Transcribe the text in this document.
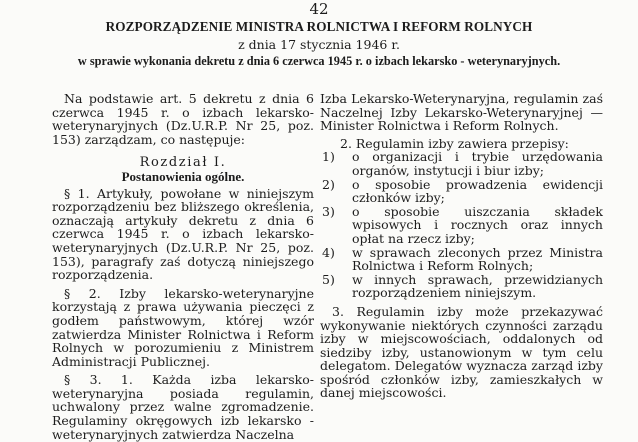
42
ROZPORZĄDZENIE MINISTRA ROLNICTWA I REFORM ROLNYCH
z dnia 17 stycznia 1946 r.
w sprawie wykonania dekretu z dnia 6 czerwca 1945 r. o izbach lekarsko - weterynaryjnych.

Na podstawie art. 5 dekretu z dnia 6 czerwca 1945 r. o izbach lekarsko-weterynaryjnych (Dz.U.R.P. Nr 25, poz. 153) zarządzam, co następuje:

Rozdział I.

Postanowienia ogólne.

§ 1. Artykuły, powołane w niniejszym rozporządzeniu bez bliższego określenia, oznaczają artykuły dekretu z dnia 6 czerwca 1945 r. o izbach lekarsko-weterynaryjnych (Dz.U.R.P. Nr 25, poz. 153), paragrafy zaś dotyczą niniejszego rozporządzenia.

§ 2. Izby lekarsko-weterynaryjne korzystają z prawa używania pieczęci z godłem państwowym, której wzór zatwierdza Minister Rolnictwa i Reform Rolnych w porozumieniu z Ministrem Administracji Publicznej.

§ 3. 1. Każda izba lekarsko-weterynaryjna posiada regulamin, uchwalony przez walne zgromadzenie. Regulaminy okręgowych izb lekarsko - weterynaryjnych zatwierdza Naczelna

Izba Lekarsko-Weterynaryjna, regulamin zaś Naczelnej Izby Lekarsko-Weterynaryjnej — Minister Rolnictwa i Reform Rolnych.

2. Regulamin izby zawiera przepisy:

1)	o organizacji i trybie urzędowania organów, instytucji i biur izby;
2)	o sposobie prowadzenia ewidencji członków izby;
3)	o sposobie uiszczania składek wpisowych i rocznych oraz innych opłat na rzecz izby;
4)	w sprawach zleconych przez Ministra Rolnictwa i Reform Rolnych;
5)	w innych sprawach, przewidzianych rozporządzeniem niniejszym.

3. Regulamin izby może przekazywać wykonywanie niektórych czynności zarządu izby w miejscowościach, oddalonych od siedziby izby, ustanowionym w tym celu delegatom. Delegatów wyznacza zarząd izby spośród członków izby, zamieszkałych w danej miejscowości.
